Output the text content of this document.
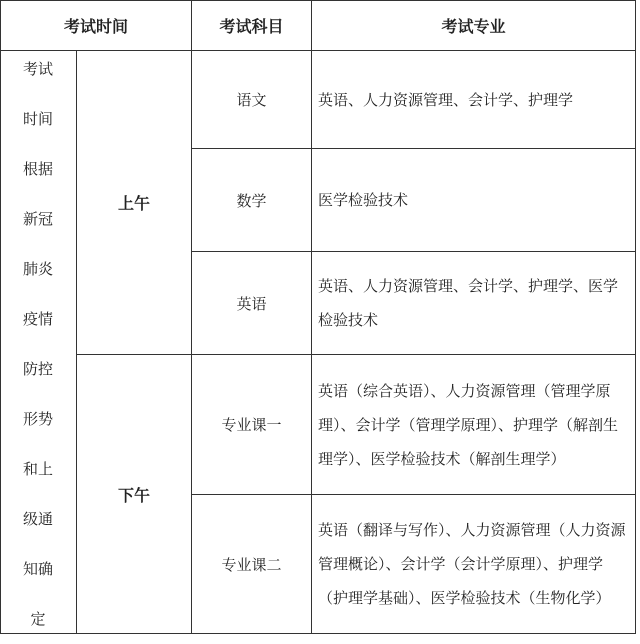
考试时间	考试科目	考试专业
考试
时间
根据
新冠
肺炎
疫情
防控
形势
和上
级通
知确
定
上午
下午
语文
数学
英语
专业课一
专业课二
英语、人力资源管理、会计学、护理学
医学检验技术
英语、人力资源管理、会计学、护理学、医学检验技术
英语（综合英语）、人力资源管理（管理学原理）、会计学（管理学原理）、护理学（解剖生理学）、医学检验技术（解剖生理学）
英语（翻译与写作）、人力资源管理（人力资源管理概论）、会计学（会计学原理）、护理学（护理学基础）、医学检验技术（生物化学）
